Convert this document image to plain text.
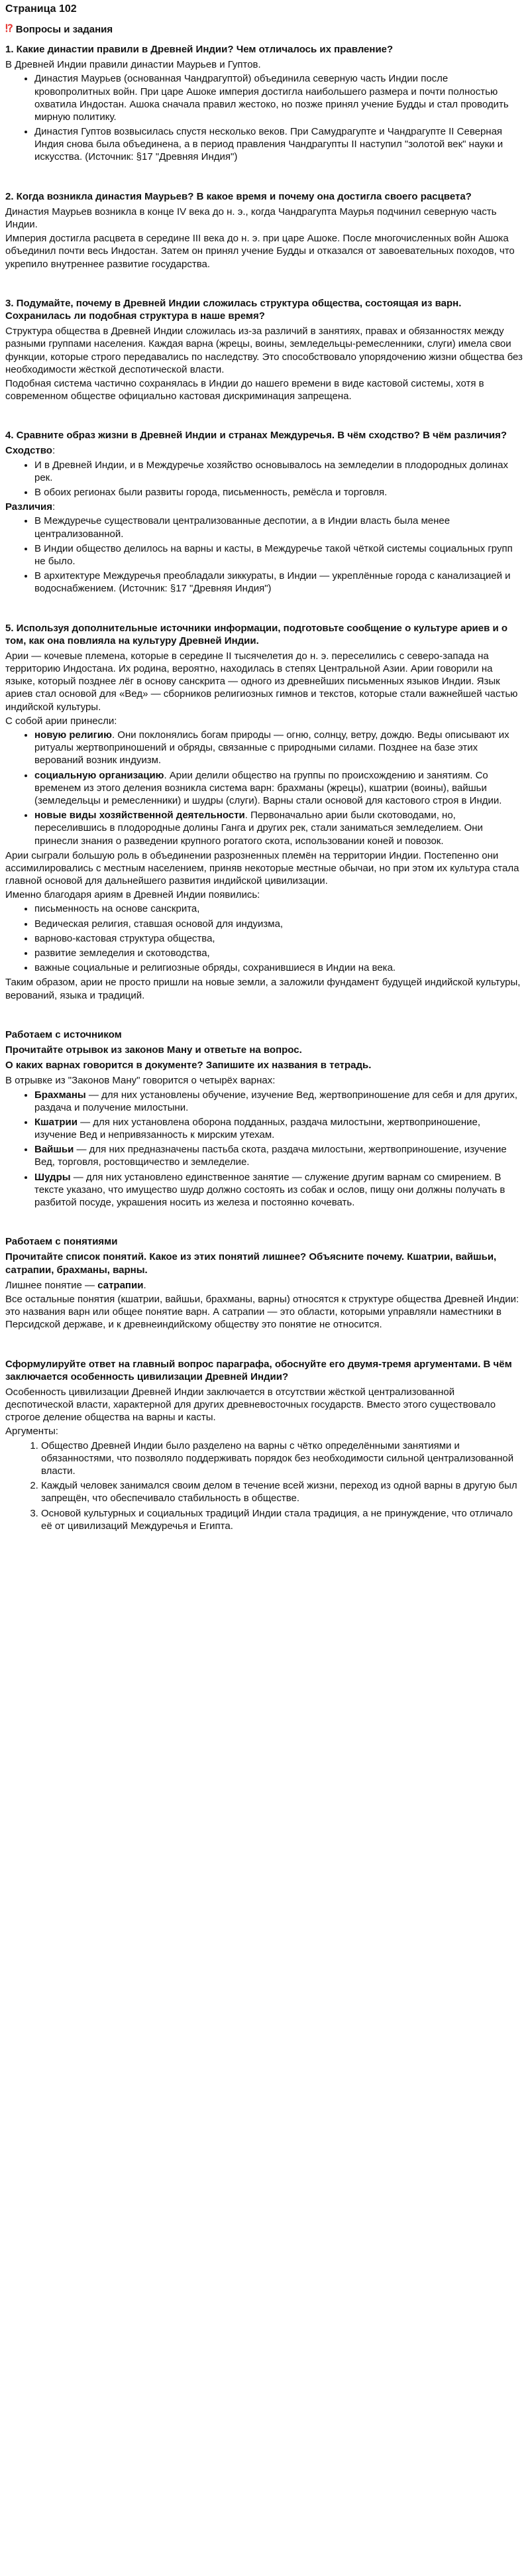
Страница 102
⁉ Вопросы и задания
1. Какие династии правили в Древней Индии? Чем отличалось их правление?
В Древней Индии правили династии Маурьев и Гуптов.
• Династия Маурьев (основанная Чандрагуптой) объединила северную часть Индии после кровопролитных войн. При царе Ашоке империя достигла наибольшего размера и почти полностью охватила Индостан. Ашока сначала правил жестоко, но позже принял учение Будды и стал проводить мирную политику.
• Династия Гуптов возвысилась спустя несколько веков. При Самудрагупте и Чандрагупте II Северная Индия снова была объединена, а в период правления Чандрагупты II наступил "золотой век" науки и искусства. (Источник: §17 "Древняя Индия")
2. Когда возникла династия Маурьев? В какое время и почему она достигла своего расцвета?
Династия Маурьев возникла в конце IV века до н. э., когда Чандрагупта Маурья подчинил северную часть Индии.
Империя достигла расцвета в середине III века до н. э. при царе Ашоке. После многочисленных войн Ашока объединил почти весь Индостан. Затем он принял учение Будды и отказался от завоевательных походов, что укрепило внутреннее развитие государства.
3. Подумайте, почему в Древней Индии сложилась структура общества, состоящая из варн. Сохранилась ли подобная структура в наше время?
Структура общества в Древней Индии сложилась из-за различий в занятиях, правах и обязанностях между разными группами населения. Каждая варна (жрецы, воины, земледельцы-ремесленники, слуги) имела свои функции, которые строго передавались по наследству. Это способствовало упорядочению жизни общества без необходимости жёсткой деспотической власти.
Подобная система частично сохранялась в Индии до нашего времени в виде кастовой системы, хотя в современном обществе официально кастовая дискриминация запрещена.
4. Сравните образ жизни в Древней Индии и странах Междуречья. В чём сходство? В чём различия?
Сходство:
• И в Древней Индии, и в Междуречье хозяйство основывалось на земледелии в плодородных долинах рек.
• В обоих регионах были развиты города, письменность, ремёсла и торговля.
Различия:
• В Междуречье существовали централизованные деспотии, а в Индии власть была менее централизованной.
• В Индии общество делилось на варны и касты, в Междуречье такой чёткой системы социальных групп не было.
• В архитектуре Междуречья преобладали зиккураты, в Индии — укреплённые города с канализацией и водоснабжением. (Источник: §17 "Древняя Индия")
5. Используя дополнительные источники информации, подготовьте сообщение о культуре ариев и о том, как она повлияла на культуру Древней Индии.
Арии — кочевые племена, которые в середине II тысячелетия до н. э. переселились с северо-запада на территорию Индостана. Их родина, вероятно, находилась в степях Центральной Азии. Арии говорили на языке, который позднее лёг в основу санскрита — одного из древнейших письменных языков Индии. Язык ариев стал основой для «Вед» — сборников религиозных гимнов и текстов, которые стали важнейшей частью индийской культуры.
С собой арии принесли:
• новую религию. Они поклонялись богам природы — огню, солнцу, ветру, дождю. Веды описывают их ритуалы жертвоприношений и обряды, связанные с природными силами. Позднее на базе этих верований возник индуизм.
• социальную организацию. Арии делили общество на группы по происхождению и занятиям. Со временем из этого деления возникла система варн: брахманы (жрецы), кшатрии (воины), вайшьи (земледельцы и ремесленники) и шудры (слуги). Варны стали основой для кастового строя в Индии.
• новые виды хозяйственной деятельности. Первоначально арии были скотоводами, но, переселившись в плодородные долины Ганга и других рек, стали заниматься земледелием. Они принесли знания о разведении крупного рогатого скота, использовании коней и повозок.
Арии сыграли большую роль в объединении разрозненных племён на территории Индии. Постепенно они ассимилировались с местным населением, приняв некоторые местные обычаи, но при этом их культура стала главной основой для дальнейшего развития индийской цивилизации.
Именно благодаря ариям в Древней Индии появились:
• письменность на основе санскрита,
• Ведическая религия, ставшая основой для индуизма,
• варново-кастовая структура общества,
• развитие земледелия и скотоводства,
• важные социальные и религиозные обряды, сохранившиеся в Индии на века.
Таким образом, арии не просто пришли на новые земли, а заложили фундамент будущей индийской культуры, верований, языка и традиций.
Работаем с источником
Прочитайте отрывок из законов Ману и ответьте на вопрос.
О каких варнах говорится в документе? Запишите их названия в тетрадь.
В отрывке из "Законов Ману" говорится о четырёх варнах:
• Брахманы — для них установлены обучение, изучение Вед, жертвоприношение для себя и для других, раздача и получение милостыни.
• Кшатрии — для них установлена оборона подданных, раздача милостыни, жертвоприношение, изучение Вед и непривязанность к мирским утехам.
• Вайшьи — для них предназначены пастьба скота, раздача милостыни, жертвоприношение, изучение Вед, торговля, ростовщичество и земледелие.
• Шудры — для них установлено единственное занятие — служение другим варнам со смирением. В тексте указано, что имущество шудр должно состоять из собак и ослов, пищу они должны получать в разбитой посуде, украшения носить из железа и постоянно кочевать.
Работаем с понятиями
Прочитайте список понятий. Какое из этих понятий лишнее? Объясните почему. Кшатрии, вайшьи, сатрапии, брахманы, варны.
Лишнее понятие — сатрапии.
Все остальные понятия (кшатрии, вайшьи, брахманы, варны) относятся к структуре общества Древней Индии: это названия варн или общее понятие варн. А сатрапии — это области, которыми управляли наместники в Персидской державе, и к древнеиндийскому обществу это понятие не относится.
Сформулируйте ответ на главный вопрос параграфа, обоснуйте его двумя-тремя аргументами. В чём заключается особенность цивилизации Древней Индии?
Особенность цивилизации Древней Индии заключается в отсутствии жёсткой централизованной деспотической власти, характерной для других древневосточных государств. Вместо этого существовало строгое деление общества на варны и касты.
Аргументы:
1. Общество Древней Индии было разделено на варны с чётко определёнными занятиями и обязанностями, что позволяло поддерживать порядок без необходимости сильной централизованной власти.
2. Каждый человек занимался своим делом в течение всей жизни, переход из одной варны в другую был запрещён, что обеспечивало стабильность в обществе.
3. Основой культурных и социальных традиций Индии стала традиция, а не принуждение, что отличало её от цивилизаций Междуречья и Египта.
